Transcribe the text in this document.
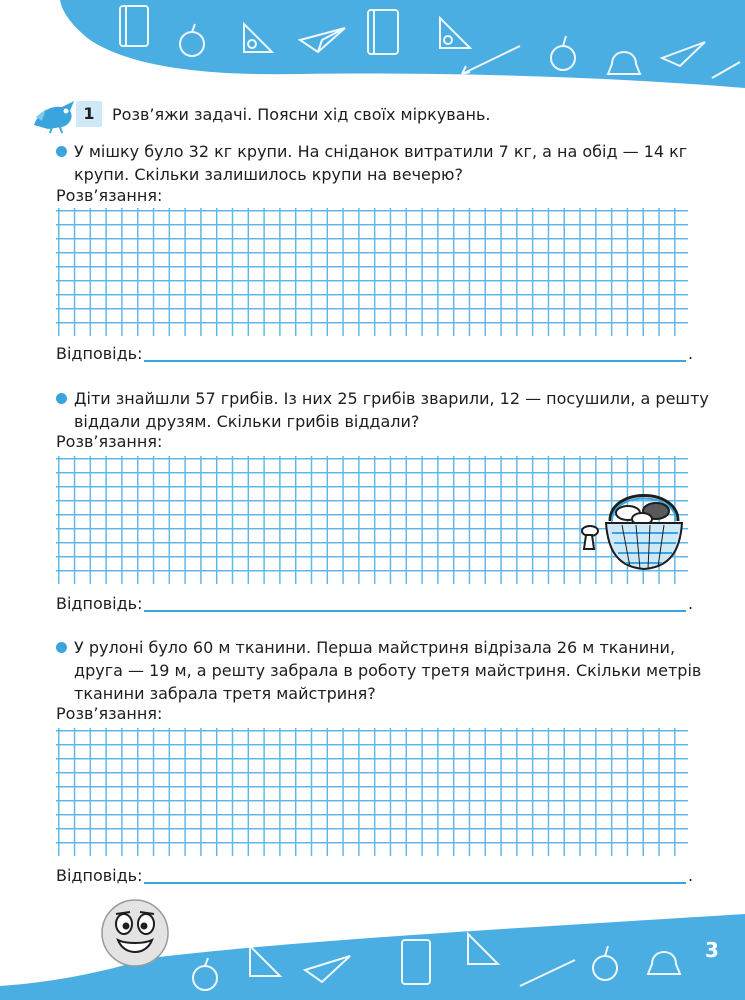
1	Розв’яжи задачі. Поясни хід своїх міркувань.
У мішку було 32 кг крупи. На сніданок витратили 7 кг, а на обід — 14 кг
крупи. Скільки залишилось крупи на вечерю?
Розв’язання:
Відповідь:	.
Діти знайшли 57 грибів. Із них 25 грибів зварили, 12 — посушили, а решту
віддали друзям. Скільки грибів віддали?
Розв’язання:
Відповідь:	.
У рулоні було 60 м тканини. Перша майстриня відрізала 26 м тканини,
друга — 19 м, а решту забрала в роботу третя майстриня. Скільки метрів
тканини забрала третя майстриня?
Розв’язання:
Відповідь:	.
3
